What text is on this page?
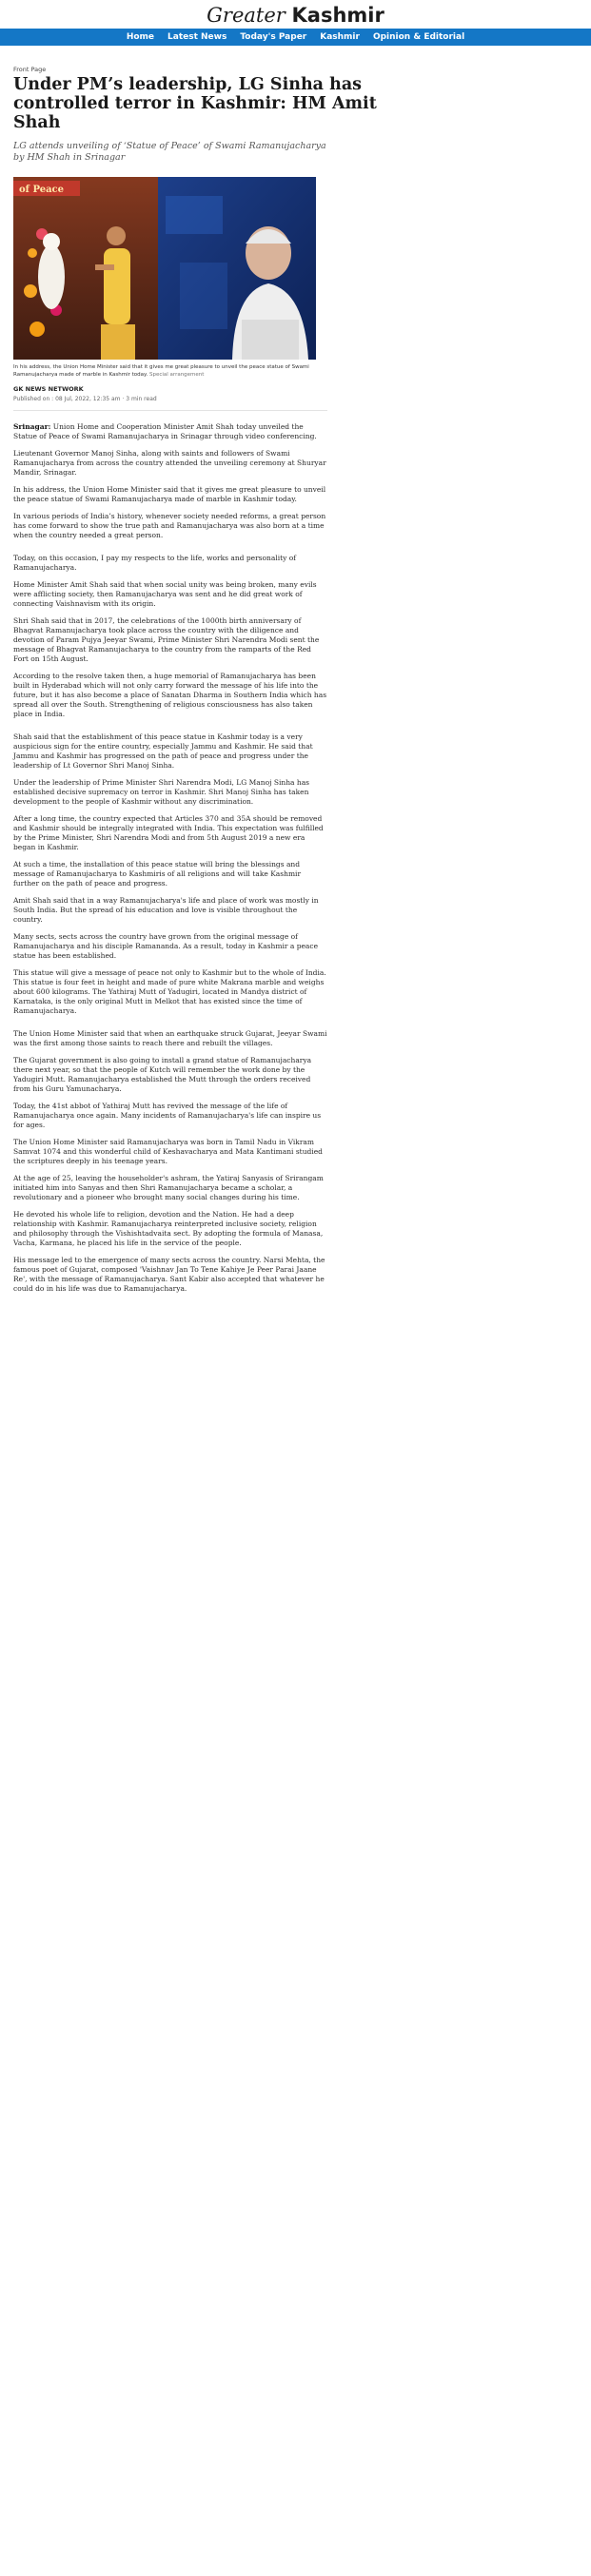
Greater Kashmir
Home Latest News Today's Paper Kashmir Opinion & Editorial
Front Page
Under PM’s leadership, LG Sinha has controlled terror in Kashmir: HM Amit Shah
LG attends unveiling of ‘Statue of Peace’ of Swami Ramanujacharya by HM Shah in Srinagar
of Peace
In his address, the Union Home Minister said that it gives me great pleasure to unveil the peace statue of Swami Ramanujacharya made of marble in Kashmir today. Special arrangement
GK NEWS NETWORK
Published on : 08 Jul, 2022, 12:35 am · 3 min read

Srinagar: Union Home and Cooperation Minister Amit Shah today unveiled the Statue of Peace of Swami Ramanujacharya in Srinagar through video conferencing.

Lieutenant Governor Manoj Sinha, along with saints and followers of Swami Ramanujacharya from across the country attended the unveiling ceremony at Shuryar Mandir, Srinagar.

In his address, the Union Home Minister said that it gives me great pleasure to unveil the peace statue of Swami Ramanujacharya made of marble in Kashmir today.

In various periods of India’s history, whenever society needed reforms, a great person has come forward to show the true path and Ramanujacharya was also born at a time when the country needed a great person.

Today, on this occasion, I pay my respects to the life, works and personality of Ramanujacharya.

Home Minister Amit Shah said that when social unity was being broken, many evils were afflicting society, then Ramanujacharya was sent and he did great work of connecting Vaishnavism with its origin.

Shri Shah said that in 2017, the celebrations of the 1000th birth anniversary of Bhagvat Ramanujacharya took place across the country with the diligence and devotion of Param Pujya Jeeyar Swami, Prime Minister Shri Narendra Modi sent the message of Bhagvat Ramanujacharya to the country from the ramparts of the Red Fort on 15th August.

According to the resolve taken then, a huge memorial of Ramanujacharya has been built in Hyderabad which will not only carry forward the message of his life into the future, but it has also become a place of Sanatan Dharma in Southern India which has spread all over the South. Strengthening of religious consciousness has also taken place in India.

Shah said that the establishment of this peace statue in Kashmir today is a very auspicious sign for the entire country, especially Jammu and Kashmir. He said that Jammu and Kashmir has progressed on the path of peace and progress under the leadership of Lt Governor Shri Manoj Sinha.

Under the leadership of Prime Minister Shri Narendra Modi, LG Manoj Sinha has established decisive supremacy on terror in Kashmir. Shri Manoj Sinha has taken development to the people of Kashmir without any discrimination.

After a long time, the country expected that Articles 370 and 35A should be removed and Kashmir should be integrally integrated with India. This expectation was fulfilled by the Prime Minister, Shri Narendra Modi and from 5th August 2019 a new era began in Kashmir.

At such a time, the installation of this peace statue will bring the blessings and message of Ramanujacharya to Kashmiris of all religions and will take Kashmir further on the path of peace and progress.

Amit Shah said that in a way Ramanujacharya's life and place of work was mostly in South India. But the spread of his education and love is visible throughout the country.

Many sects, sects across the country have grown from the original message of Ramanujacharya and his disciple Ramananda. As a result, today in Kashmir a peace statue has been established.

This statue will give a message of peace not only to Kashmir but to the whole of India. This statue is four feet in height and made of pure white Makrana marble and weighs about 600 kilograms. The Yathiraj Mutt of Yadugiri, located in Mandya district of Karnataka, is the only original Mutt in Melkot that has existed since the time of Ramanujacharya.

The Union Home Minister said that when an earthquake struck Gujarat, Jeeyar Swami was the first among those saints to reach there and rebuilt the villages.

The Gujarat government is also going to install a grand statue of Ramanujacharya there next year, so that the people of Kutch will remember the work done by the Yadugiri Mutt. Ramanujacharya established the Mutt through the orders received from his Guru Yamunacharya.

Today, the 41st abbot of Yathiraj Mutt has revived the message of the life of Ramanujacharya once again. Many incidents of Ramanujacharya's life can inspire us for ages.

The Union Home Minister said Ramanujacharya was born in Tamil Nadu in Vikram Samvat 1074 and this wonderful child of Keshavacharya and Mata Kantimani studied the scriptures deeply in his teenage years.

At the age of 25, leaving the householder's ashram, the Yatiraj Sanyasis of Srirangam initiated him into Sanyas and then Shri Ramanujacharya became a scholar, a revolutionary and a pioneer who brought many social changes during his time.

He devoted his whole life to religion, devotion and the Nation. He had a deep relationship with Kashmir. Ramanujacharya reinterpreted inclusive society, religion and philosophy through the Vishishtadvaita sect. By adopting the formula of Manasa, Vacha, Karmana, he placed his life in the service of the people.

His message led to the emergence of many sects across the country. Narsi Mehta, the famous poet of Gujarat, composed 'Vaishnav Jan To Tene Kahiye Je Peer Parai Jaane Re', with the message of Ramanujacharya. Sant Kabir also accepted that whatever he could do in his life was due to Ramanujacharya.
